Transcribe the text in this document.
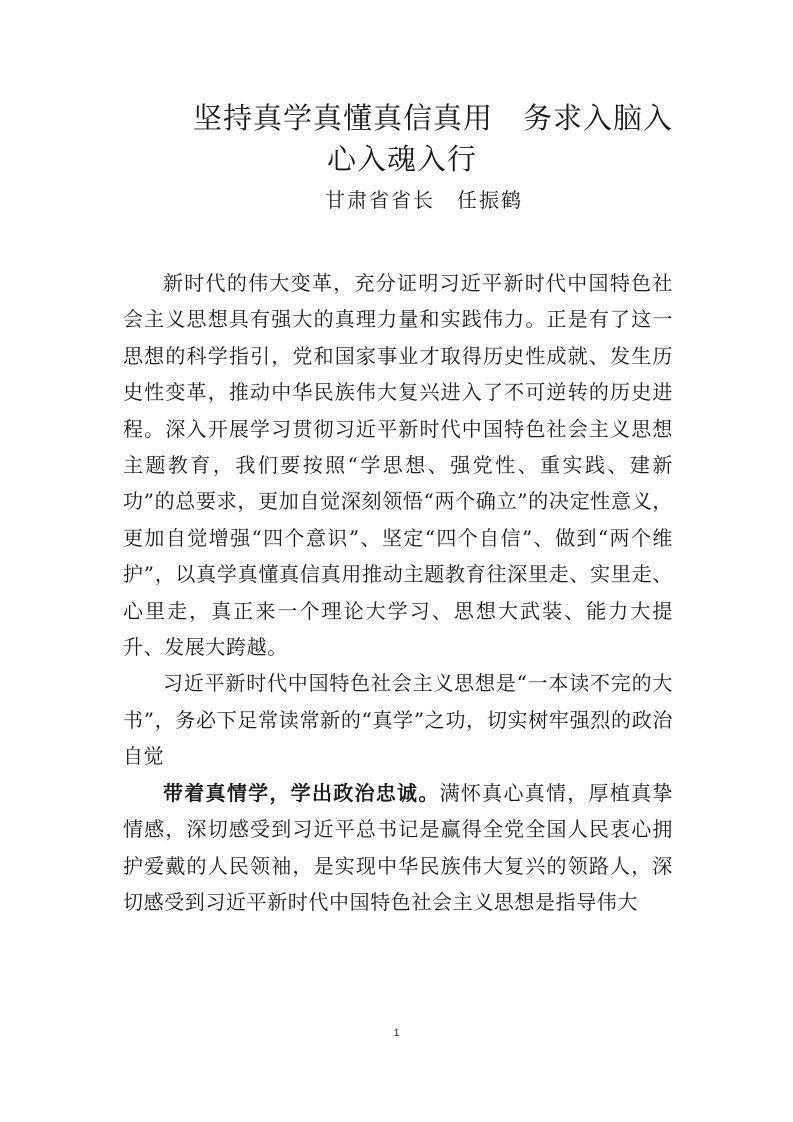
坚持真学真懂真信真用 务求入脑入
心入魂入行
甘肃省省长 任振鹤

新时代的伟大变革，充分证明习近平新时代中国特色社会主义思想具有强大的真理力量和实践伟力。正是有了这一思想的科学指引，党和国家事业才取得历史性成就、发生历史性变革，推动中华民族伟大复兴进入了不可逆转的历史进程。深入开展学习贯彻习近平新时代中国特色社会主义思想主题教育，我们要按照“学思想、强党性、重实践、建新功”的总要求，更加自觉深刻领悟“两个确立”的决定性意义，更加自觉增强“四个意识”、坚定“四个自信”、做到“两个维护”，以真学真懂真信真用推动主题教育往深里走、实里走、心里走，真正来一个理论大学习、思想大武装、能力大提升、发展大跨越。

习近平新时代中国特色社会主义思想是“一本读不完的大书”，务必下足常读常新的“真学”之功，切实树牢强烈的政治自觉

带着真情学，学出政治忠诚。满怀真心真情，厚植真挚情感，深切感受到习近平总书记是赢得全党全国人民衷心拥护爱戴的人民领袖，是实现中华民族伟大复兴的领路人，深切感受到习近平新时代中国特色社会主义思想是指导伟大

1
